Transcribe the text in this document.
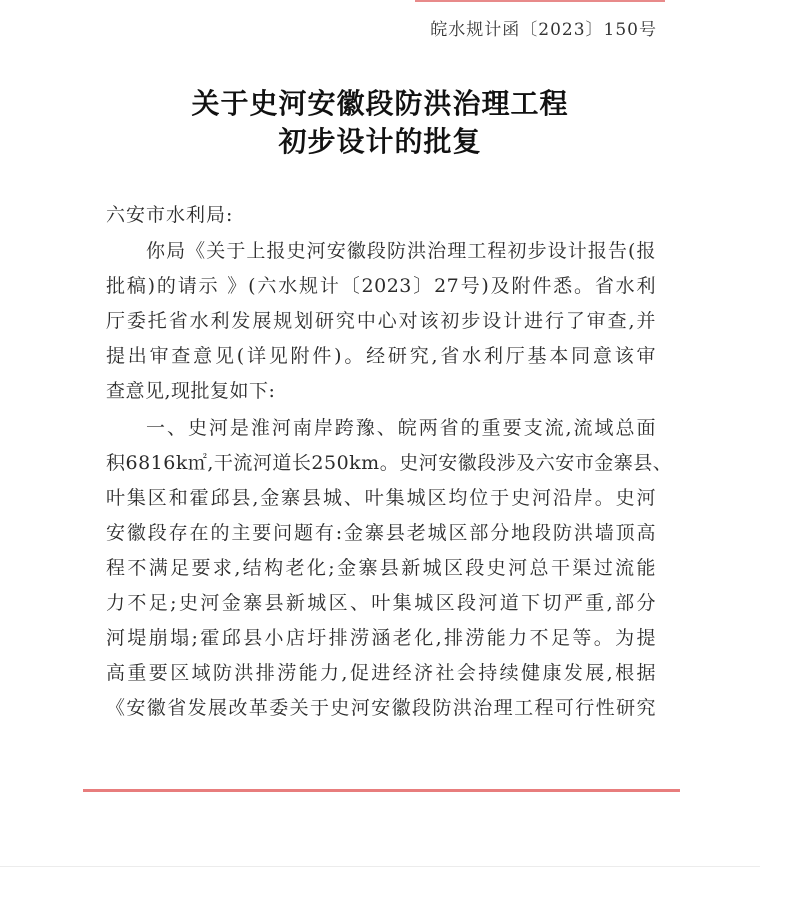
皖水规计函〔2023〕150号
关于史河安徽段防洪治理工程
初步设计的批复
六安市水利局:
你局《关于上报史河安徽段防洪治理工程初步设计报告(报
批稿)的请示 》(六水规计〔2023〕27号)及附件悉。省水利
厅委托省水利发展规划研究中心对该初步设计进行了审查,并
提出审查意见(详见附件)。经研究,省水利厅基本同意该审
查意见,现批复如下:
一、史河是淮河南岸跨豫、皖两省的重要支流,流域总面
积6816k㎡,干流河道长250km。史河安徽段涉及六安市金寨县、
叶集区和霍邱县,金寨县城、叶集城区均位于史河沿岸。史河
安徽段存在的主要问题有:金寨县老城区部分地段防洪墙顶高
程不满足要求,结构老化;金寨县新城区段史河总干渠过流能
力不足;史河金寨县新城区、叶集城区段河道下切严重,部分
河堤崩塌;霍邱县小店圩排涝涵老化,排涝能力不足等。为提
高重要区域防洪排涝能力,促进经济社会持续健康发展,根据
《安徽省发展改革委关于史河安徽段防洪治理工程可行性研究
